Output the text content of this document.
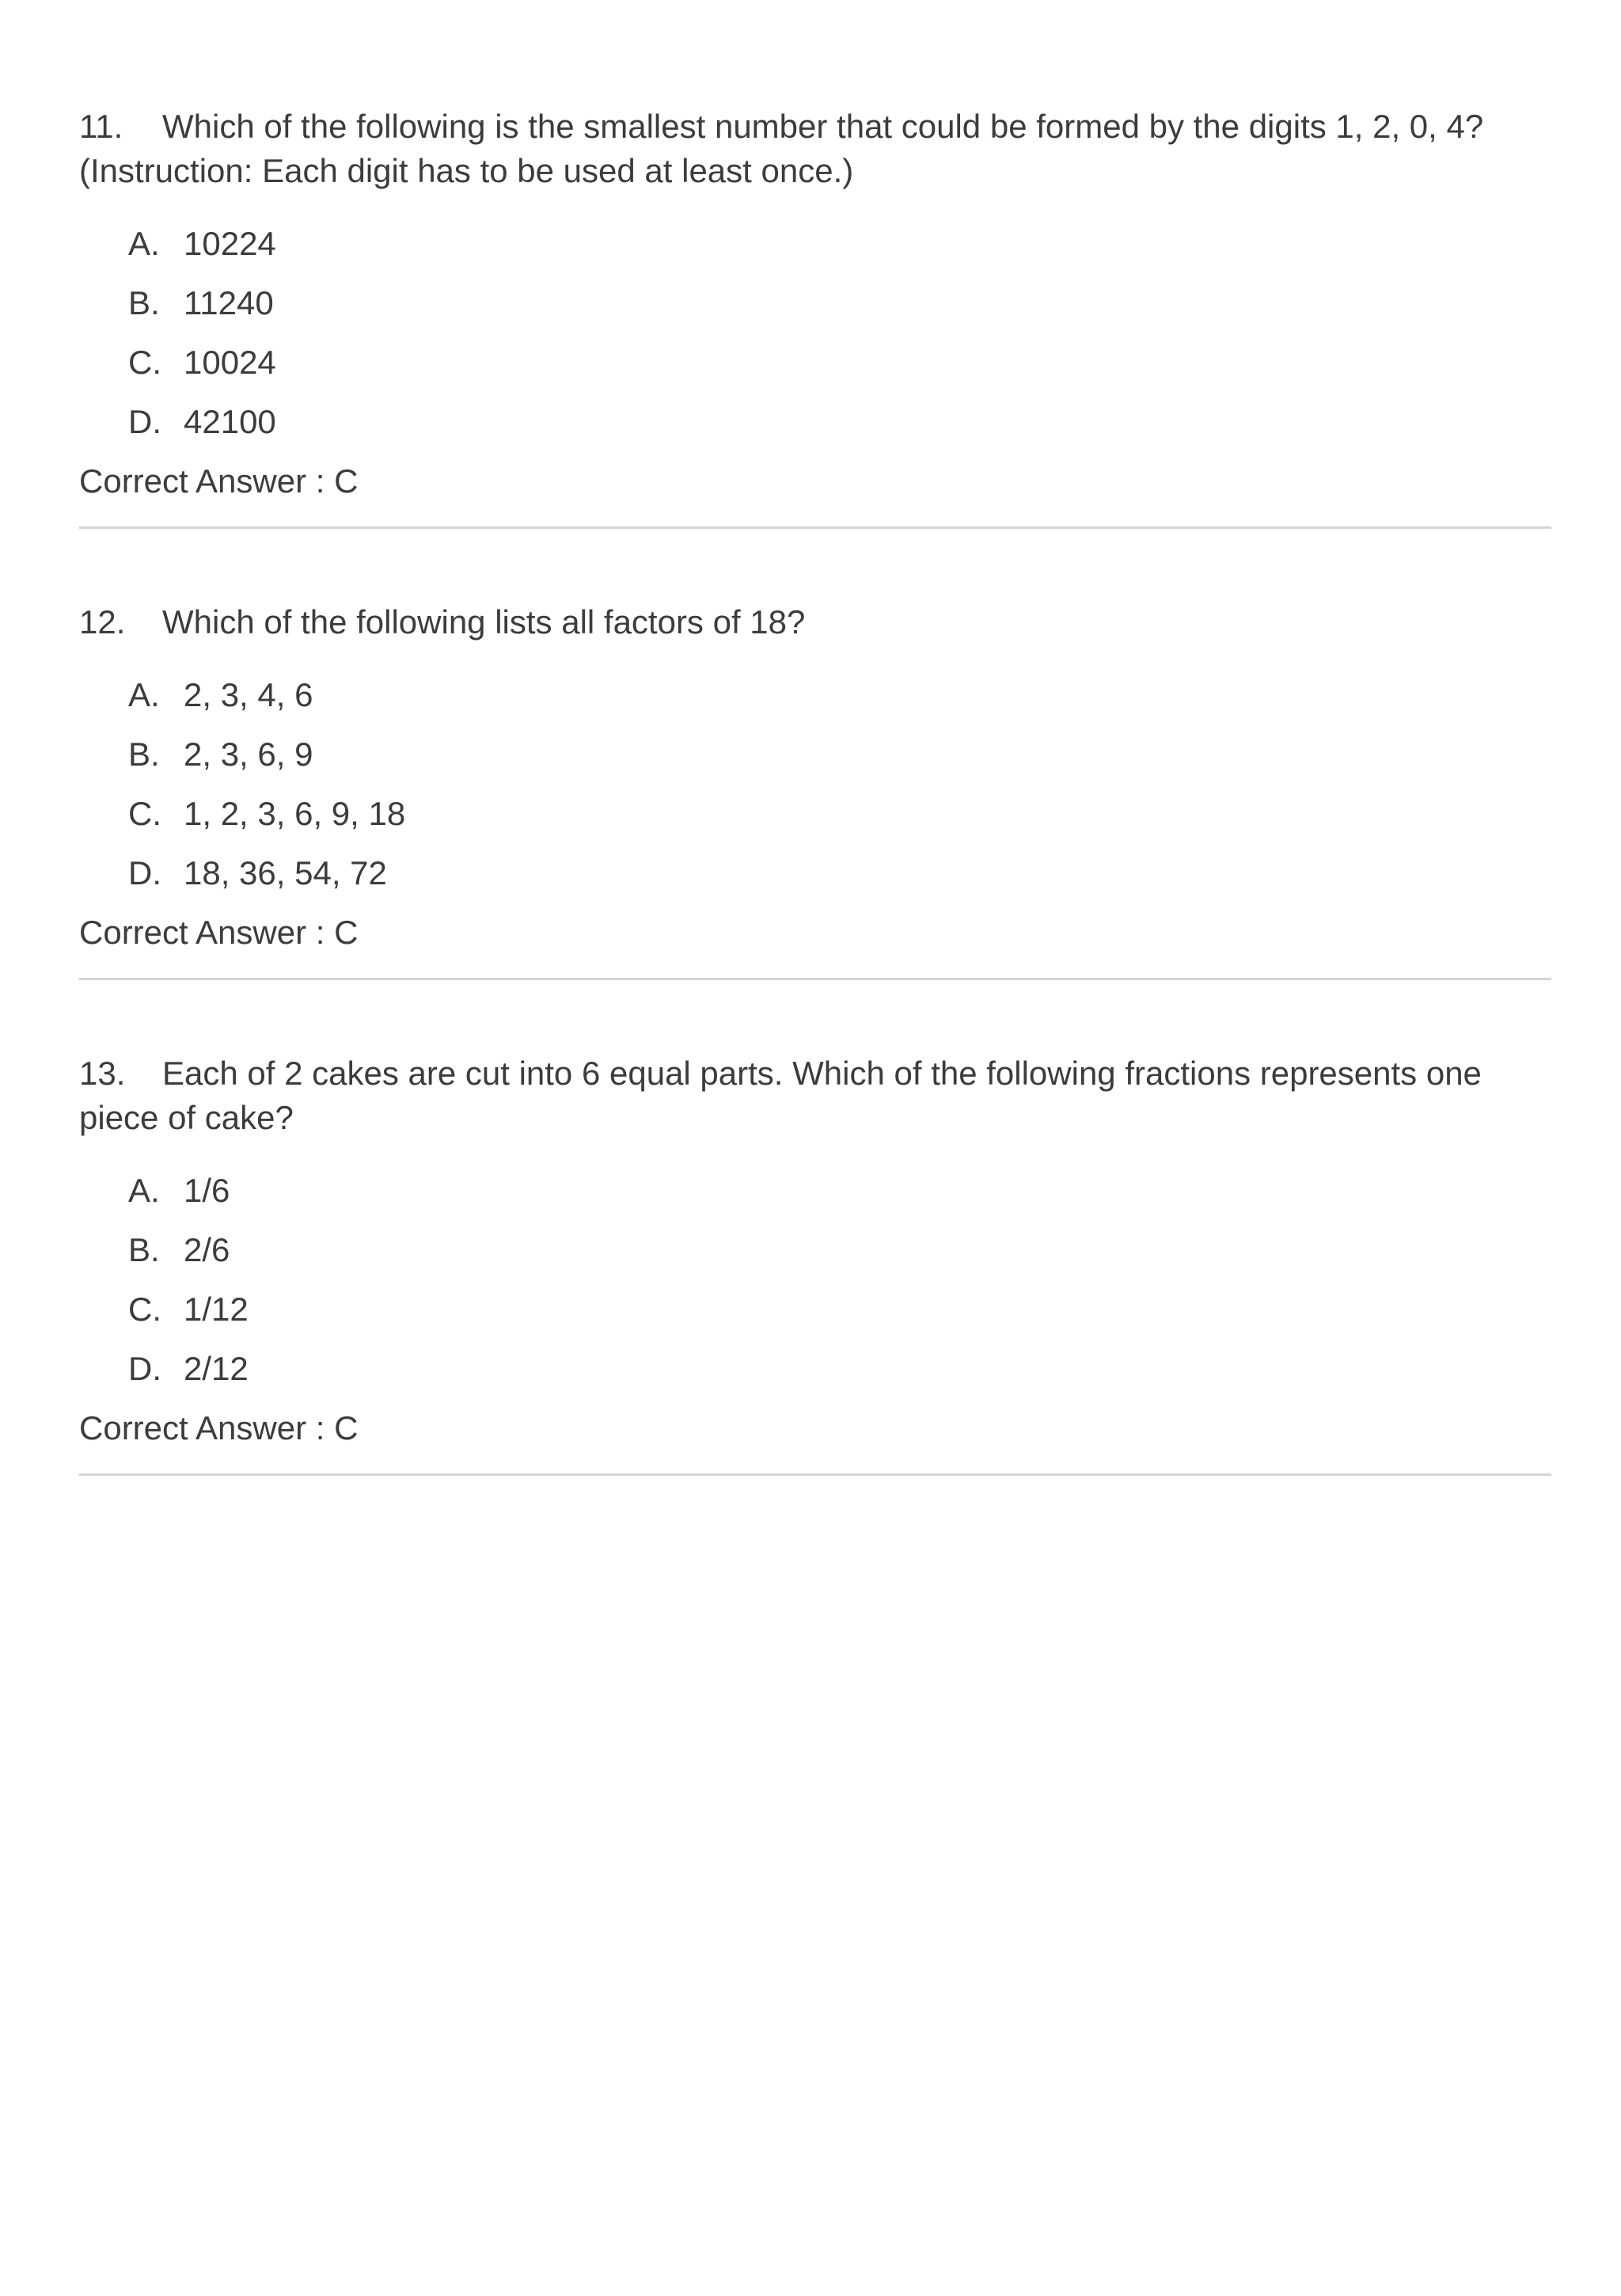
11. Which of the following is the smallest number that could be formed by the digits 1, 2, 0, 4? (Instruction: Each digit has to be used at least once.)

A. 10224
B. 11240
C. 10024
D. 42100

Correct Answer : C

12. Which of the following lists all factors of 18?

A. 2, 3, 4, 6
B. 2, 3, 6, 9
C. 1, 2, 3, 6, 9, 18
D. 18, 36, 54, 72

Correct Answer : C

13. Each of 2 cakes are cut into 6 equal parts. Which of the following fractions represents one piece of cake?

A. 1/6
B. 2/6
C. 1/12
D. 2/12

Correct Answer : C
